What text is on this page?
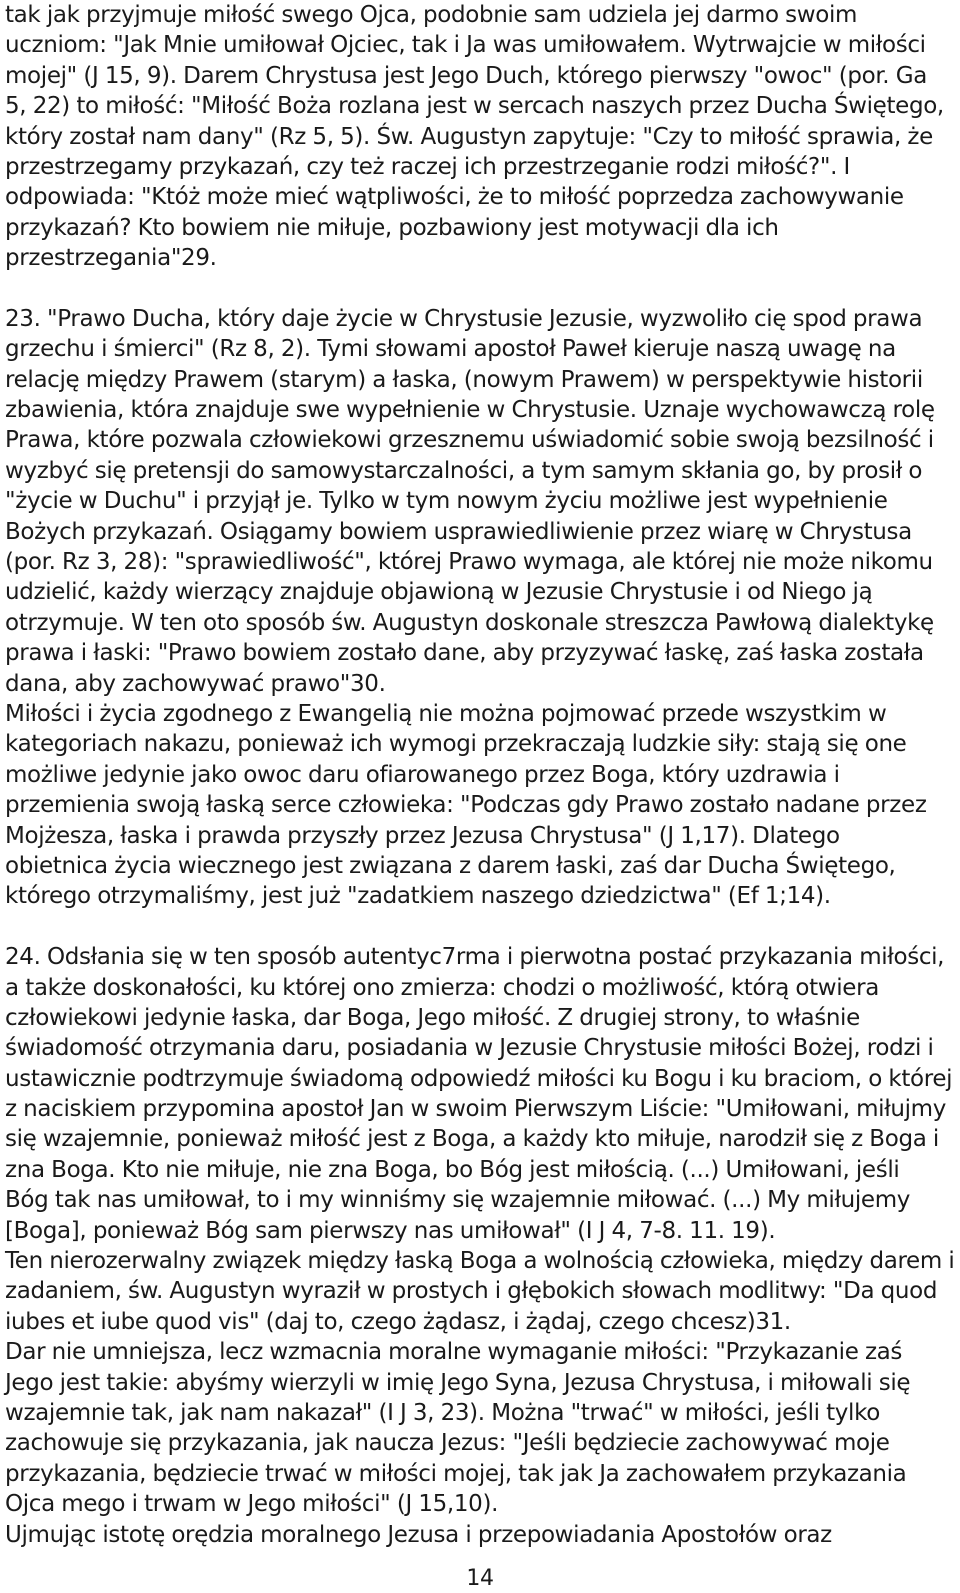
tak jak przyjmuje miłość swego Ojca, podobnie sam udziela jej darmo swoim
uczniom: "Jak Mnie umiłował Ojciec, tak i Ja was umiłowałem. Wytrwajcie w miłości
mojej" (J 15, 9). Darem Chrystusa jest Jego Duch, którego pierwszy "owoc" (por. Ga
5, 22) to miłość: "Miłość Boża rozlana jest w sercach naszych przez Ducha Świętego,
który został nam dany" (Rz 5, 5). Św. Augustyn zapytuje: "Czy to miłość sprawia, że
przestrzegamy przykazań, czy też raczej ich przestrzeganie rodzi miłość?". I
odpowiada: "Któż może mieć wątpliwości, że to miłość poprzedza zachowywanie
przykazań? Kto bowiem nie miłuje, pozbawiony jest motywacji dla ich
przestrzegania"29.
23. "Prawo Ducha, który daje życie w Chrystusie Jezusie, wyzwoliło cię spod prawa
grzechu i śmierci" (Rz 8, 2). Tymi słowami apostoł Paweł kieruje naszą uwagę na
relację między Prawem (starym) a łaska, (nowym Prawem) w perspektywie historii
zbawienia, która znajduje swe wypełnienie w Chrystusie. Uznaje wychowawczą rolę
Prawa, które pozwala człowiekowi grzesznemu uświadomić sobie swoją bezsilność i
wyzbyć się pretensji do samowystarczalności, a tym samym skłania go, by prosił o
"życie w Duchu" i przyjął je. Tylko w tym nowym życiu możliwe jest wypełnienie
Bożych przykazań. Osiągamy bowiem usprawiedliwienie przez wiarę w Chrystusa
(por. Rz 3, 28): "sprawiedliwość", której Prawo wymaga, ale której nie może nikomu
udzielić, każdy wierzący znajduje objawioną w Jezusie Chrystusie i od Niego ją
otrzymuje. W ten oto sposób św. Augustyn doskonale streszcza Pawłową dialektykę
prawa i łaski: "Prawo bowiem zostało dane, aby przyzywać łaskę, zaś łaska została
dana, aby zachowywać prawo"30.
Miłości i życia zgodnego z Ewangelią nie można pojmować przede wszystkim w
kategoriach nakazu, ponieważ ich wymogi przekraczają ludzkie siły: stają się one
możliwe jedynie jako owoc daru ofiarowanego przez Boga, który uzdrawia i
przemienia swoją łaską serce człowieka: "Podczas gdy Prawo zostało nadane przez
Mojżesza, łaska i prawda przyszły przez Jezusa Chrystusa" (J 1,17). Dlatego
obietnica życia wiecznego jest związana z darem łaski, zaś dar Ducha Świętego,
którego otrzymaliśmy, jest już "zadatkiem naszego dziedzictwa" (Ef 1;14).
24. Odsłania się w ten sposób autentyc7rma i pierwotna postać przykazania miłości,
a także doskonałości, ku której ono zmierza: chodzi o możliwość, którą otwiera
człowiekowi jedynie łaska, dar Boga, Jego miłość. Z drugiej strony, to właśnie
świadomość otrzymania daru, posiadania w Jezusie Chrystusie miłości Bożej, rodzi i
ustawicznie podtrzymuje świadomą odpowiedź miłości ku Bogu i ku braciom, o której
z naciskiem przypomina apostoł Jan w swoim Pierwszym Liście: "Umiłowani, miłujmy
się wzajemnie, ponieważ miłość jest z Boga, a każdy kto miłuje, narodził się z Boga i
zna Boga. Kto nie miłuje, nie zna Boga, bo Bóg jest miłością. (...) Umiłowani, jeśli
Bóg tak nas umiłował, to i my winniśmy się wzajemnie miłować. (...) My miłujemy
[Boga], ponieważ Bóg sam pierwszy nas umiłował" (I J 4, 7-8. 11. 19).
Ten nierozerwalny związek między łaską Boga a wolnością człowieka, między darem i
zadaniem, św. Augustyn wyraził w prostych i głębokich słowach modlitwy: "Da quod
iubes et iube quod vis" (daj to, czego żądasz, i żądaj, czego chcesz)31.
Dar nie umniejsza, lecz wzmacnia moralne wymaganie miłości: "Przykazanie zaś
Jego jest takie: abyśmy wierzyli w imię Jego Syna, Jezusa Chrystusa, i miłowali się
wzajemnie tak, jak nam nakazał" (I J 3, 23). Można "trwać" w miłości, jeśli tylko
zachowuje się przykazania, jak naucza Jezus: "Jeśli będziecie zachowywać moje
przykazania, będziecie trwać w miłości mojej, tak jak Ja zachowałem przykazania
Ojca mego i trwam w Jego miłości" (J 15,10).
Ujmując istotę orędzia moralnego Jezusa i przepowiadania Apostołów oraz
14
